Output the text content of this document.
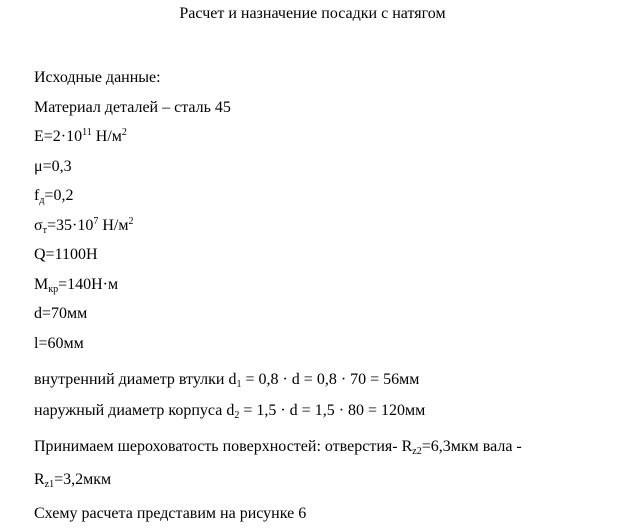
Расчет и назначение посадки с натягом
Исходные данные:
Материал деталей – сталь 45
$E=2\cdot 10^{11}$ $Н/м^2$
μ=0,3
$f_д=0,2$
$\sigma_т=35\cdot 10^7$ $Н/м^2$
Q=1100Н
$М_{кр}=140Н\cdot м$
d=70мм
l=60мм
внутренний диаметр втулки $d_1 = 0,8 \cdot d = 0,8 \cdot 70 = 56мм$
наружный диаметр корпуса $d_2 = 1,5 \cdot d = 1,5 \cdot 80 = 120мм$
Принимаем шероховатость поверхностей: отверстия- $R_{z2}=6,3мкм$ вала -
$R_{z1}=3,2мкм$
Схему расчета представим на рисунке 6
